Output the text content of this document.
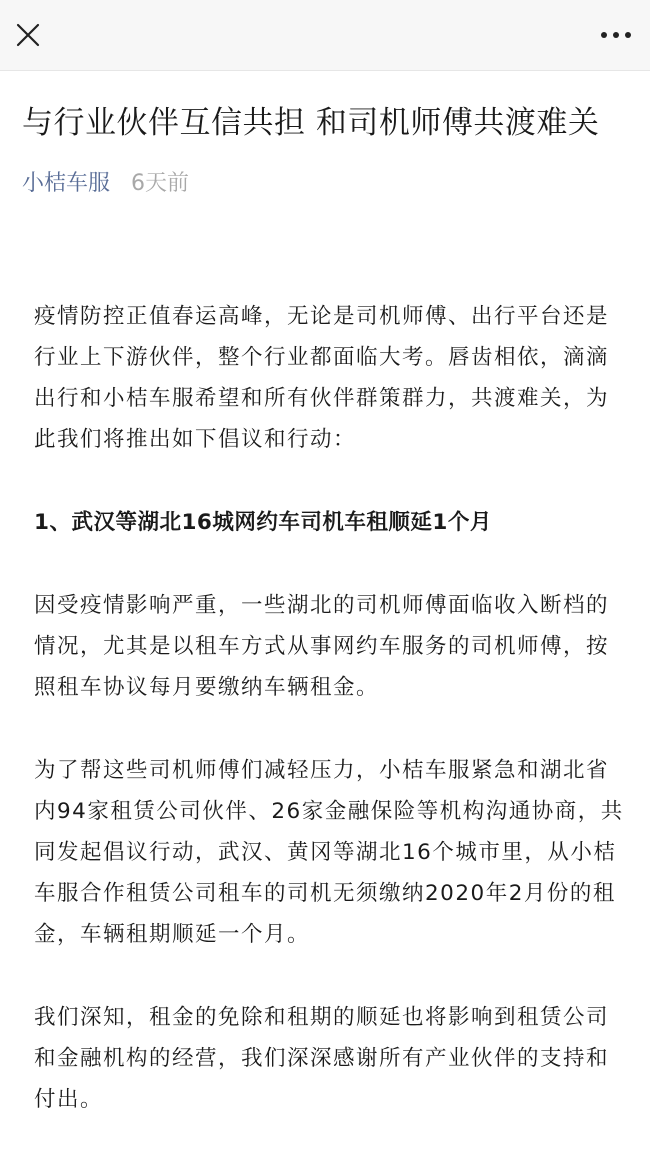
与行业伙伴互信共担 和司机师傅共渡难关
小桔车服 6天前

疫情防控正值春运高峰，无论是司机师傅、出行平台还是行业上下游伙伴，整个行业都面临大考。唇齿相依，滴滴出行和小桔车服希望和所有伙伴群策群力，共渡难关，为此我们将推出如下倡议和行动：

1、武汉等湖北16城网约车司机车租顺延1个月

因受疫情影响严重，一些湖北的司机师傅面临收入断档的情况，尤其是以租车方式从事网约车服务的司机师傅，按照租车协议每月要缴纳车辆租金。

为了帮这些司机师傅们减轻压力，小桔车服紧急和湖北省内94家租赁公司伙伴、26家金融保险等机构沟通协商，共同发起倡议行动，武汉、黄冈等湖北16个城市里，从小桔车服合作租赁公司租车的司机无须缴纳2020年2月份的租金，车辆租期顺延一个月。

我们深知，租金的免除和租期的顺延也将影响到租赁公司和金融机构的经营，我们深深感谢所有产业伙伴的支持和付出。
